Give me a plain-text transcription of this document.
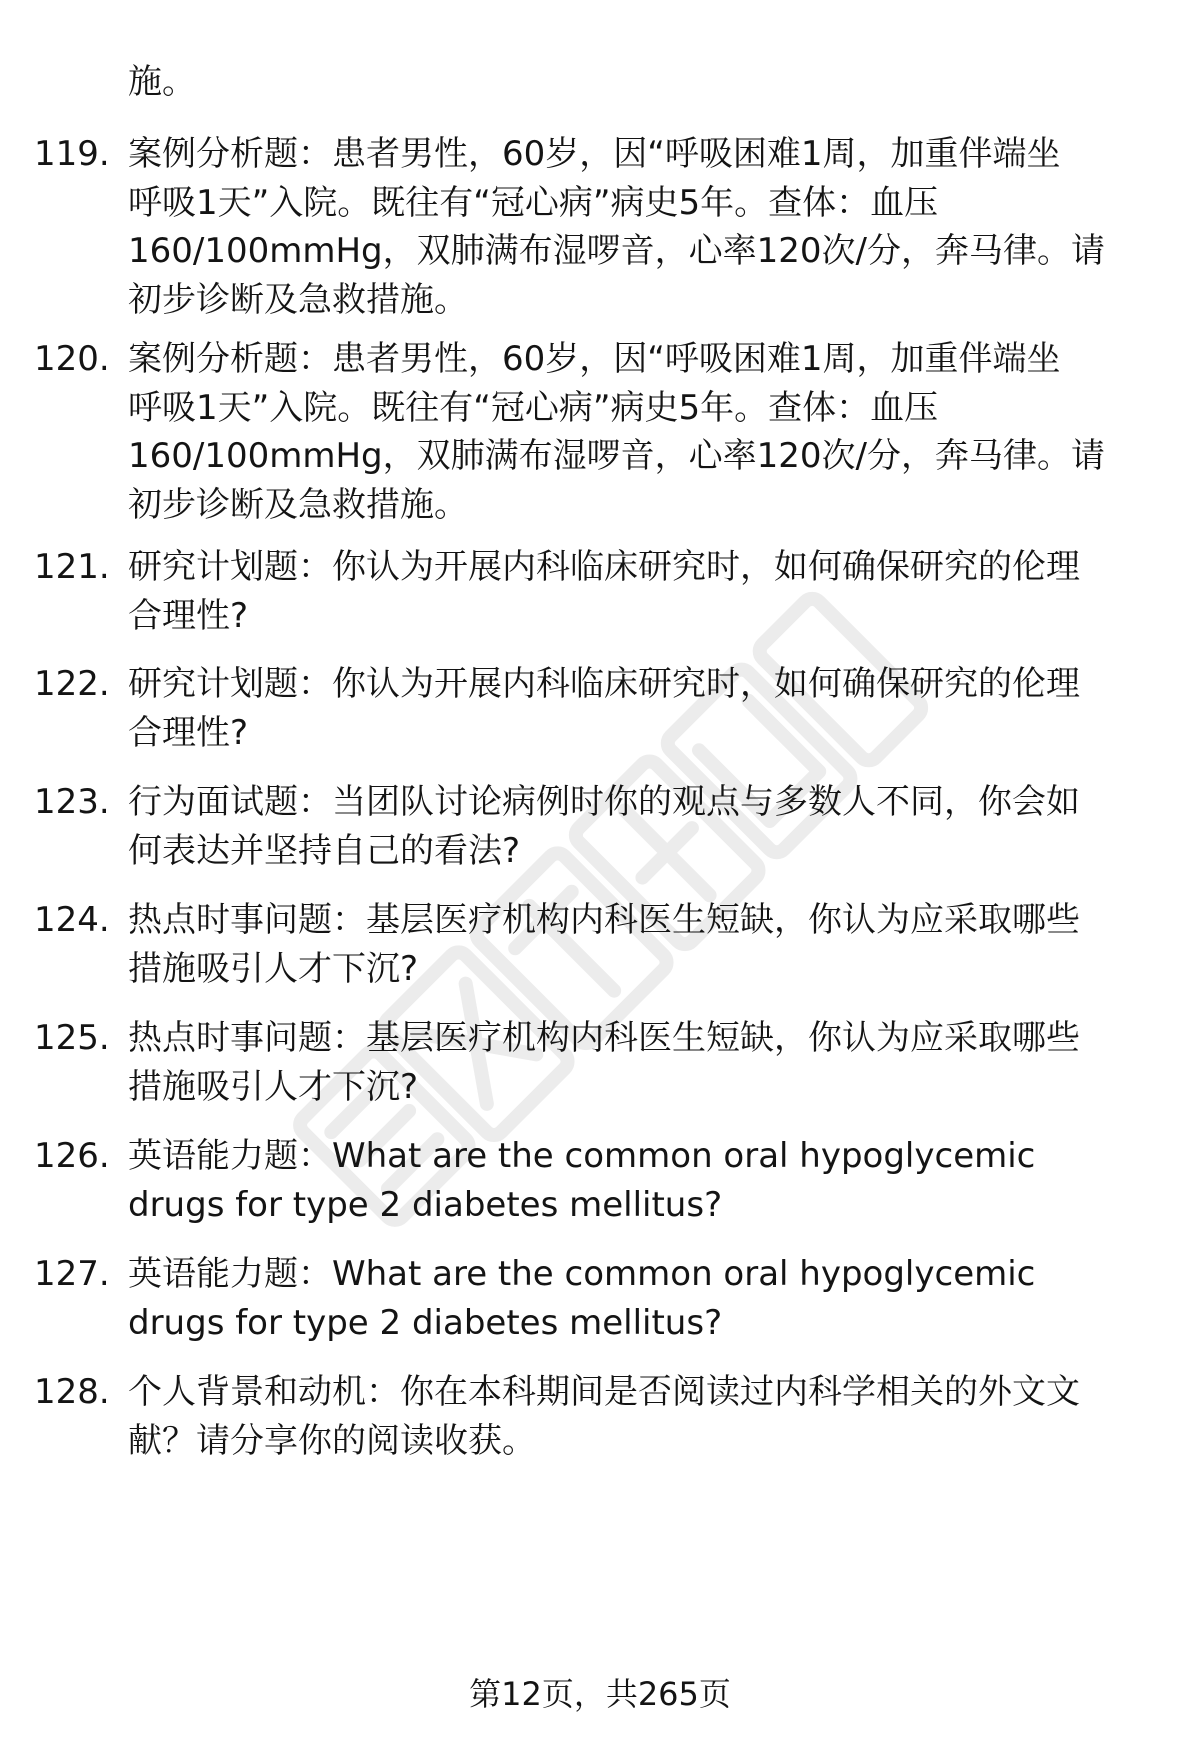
施。
119. 案例分析题：患者男性，60岁，因“呼吸困难1周，加重伴端坐
呼吸1天”入院。既往有“冠心病”病史5年。查体：血压
160/100mmHg，双肺满布湿啰音，心率120次/分，奔马律。请
初步诊断及急救措施。
120. 案例分析题：患者男性，60岁，因“呼吸困难1周，加重伴端坐
呼吸1天”入院。既往有“冠心病”病史5年。查体：血压
160/100mmHg，双肺满布湿啰音，心率120次/分，奔马律。请
初步诊断及急救措施。
121. 研究计划题：你认为开展内科临床研究时，如何确保研究的伦理
合理性?
122. 研究计划题：你认为开展内科临床研究时，如何确保研究的伦理
合理性?
123. 行为面试题：当团队讨论病例时你的观点与多数人不同，你会如
何表达并坚持自己的看法?
124. 热点时事问题：基层医疗机构内科医生短缺，你认为应采取哪些
措施吸引人才下沉?
125. 热点时事问题：基层医疗机构内科医生短缺，你认为应采取哪些
措施吸引人才下沉?
126. 英语能力题：What are the common oral hypoglycemic
drugs for type 2 diabetes mellitus?
127. 英语能力题：What are the common oral hypoglycemic
drugs for type 2 diabetes mellitus?
128. 个人背景和动机：你在本科期间是否阅读过内科学相关的外文文
献？请分享你的阅读收获。
第12页，共265页
